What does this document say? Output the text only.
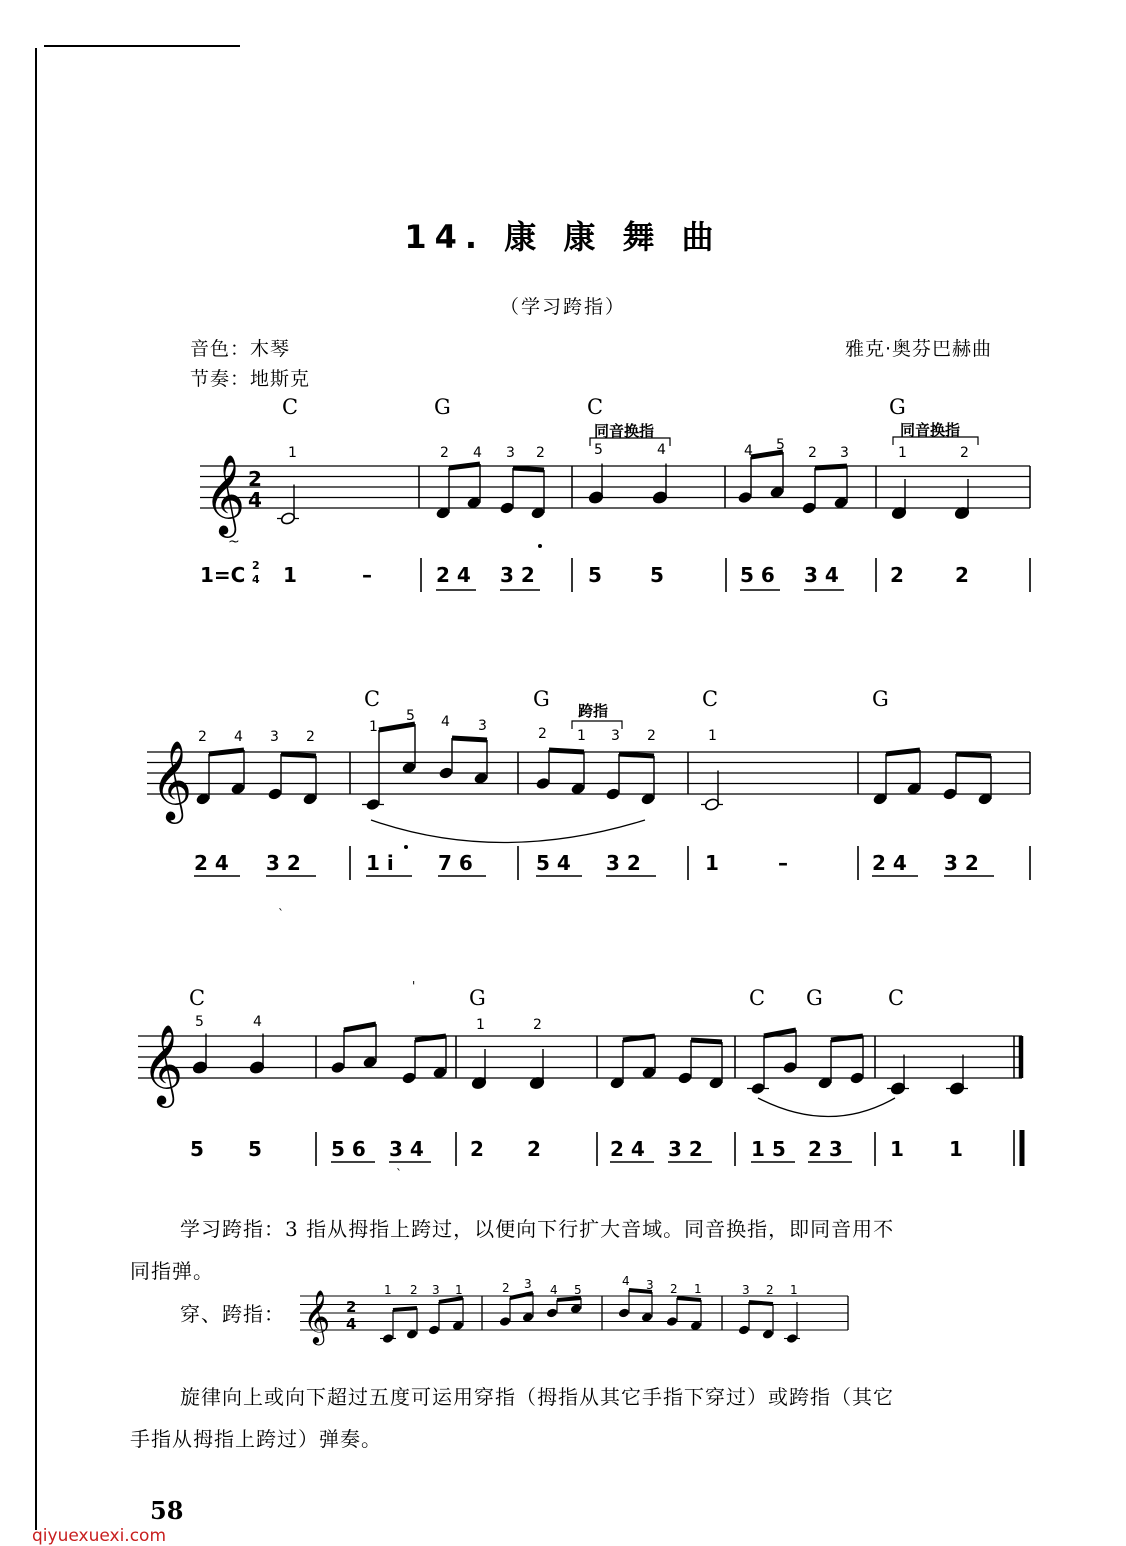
𝄞 2
4
~
𝄞
`
'
𝄞
`
𝄞 2
4
14. 康 康 舞 曲
（学习跨指）
音色：木琴
节奏：地斯克
雅克·奥芬巴赫曲
C	G	C	G
同音换指	同音换指
1	2 4 3 2	5	4	4 5 2 3	1	2
1=C 2
4 1	–	2 4 3 2	5 5	5 6 3 4	2	2
C	G	C	G
跨指
2 4 3 2
1
5 4 3	2 1 3 2	1
2 4 3 2	1 i 7 6	5 4 3 2	1	–	2 4 3 2
C	G	C G	C
5	4	1	2
5 5	5 6 3 4 2 2	2 4 3 2 1 5 2 3 1 1
学习跨指：3 指从拇指上跨过，以便向下行扩大音域。同音换指，即同音用不
同指弹。
穿、跨指：
1 2 3 1	2 3 4 5
4 3 2 1	3 2 1
旋律向上或向下超过五度可运用穿指（拇指从其它手指下穿过）或跨指（其它
手指从拇指上跨过）弹奏。
58
qiyuexuexi.com
